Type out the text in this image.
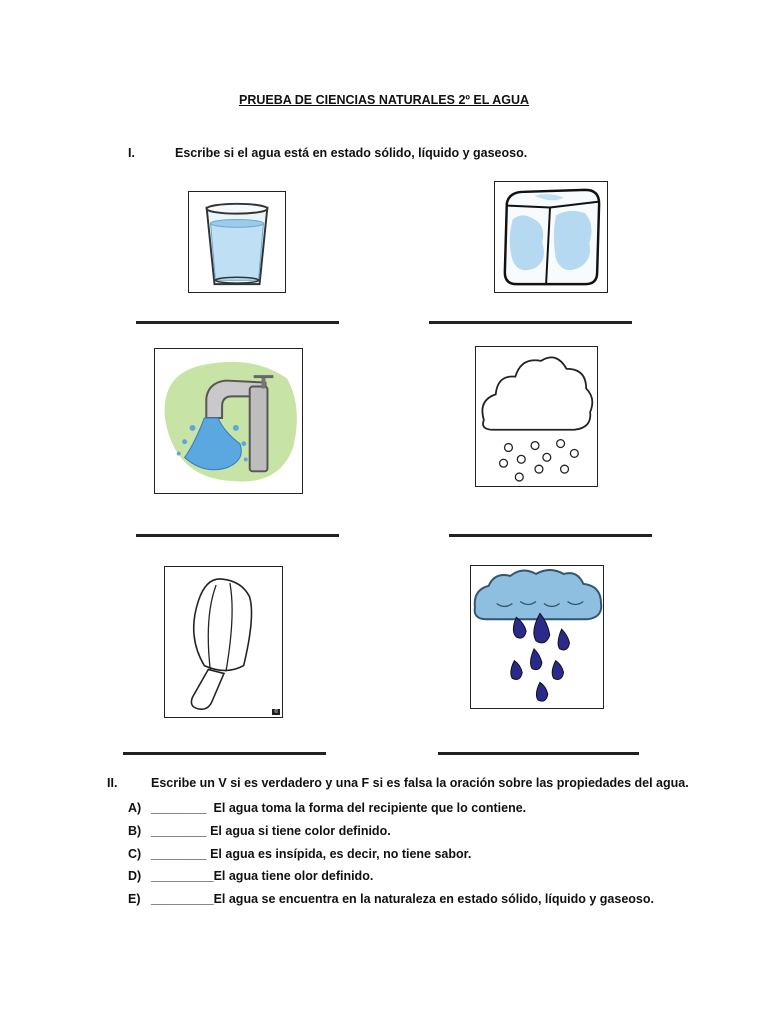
PRUEBA DE CIENCIAS NATURALES 2º EL AGUA
I.	Escribe si el agua está en estado sólido, líquido y gaseoso.
©
II.	Escribe un V si es verdadero y una F si es falsa la oración sobre las propiedades del agua.
A) ________  El agua toma la forma del recipiente que lo contiene.
B) ________ El agua si tiene color definido.
C) ________ El agua es insípida, es decir, no tiene sabor.
D) _________El agua tiene olor definido.
E) _________El agua se encuentra en la naturaleza en estado sólido, líquido y gaseoso.
